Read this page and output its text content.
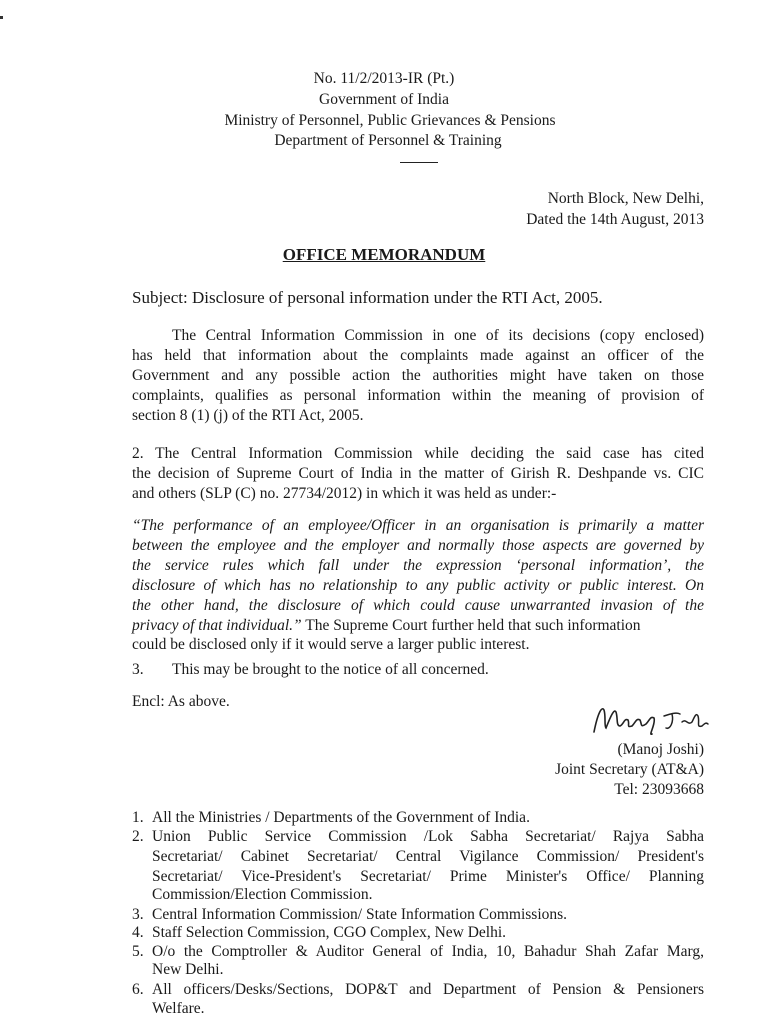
No. 11/2/2013-IR (Pt.)
Government of India
Ministry of Personnel, Public Grievances & Pensions
Department of Personnel & Training
North Block, New Delhi,
Dated the 14th August, 2013
OFFICE MEMORANDUM
Subject: Disclosure of personal information under the RTI Act, 2005.
The Central Information Commission in one of its decisions (copy enclosed)
has held that information about the complaints made against an officer of the
Government and any possible action the authorities might have taken on those
complaints, qualifies as personal information within the meaning of provision of
section 8 (1) (j) of the RTI Act, 2005.
2. The Central Information Commission while deciding the said case has cited
the decision of Supreme Court of India in the matter of Girish R. Deshpande vs. CIC
and others (SLP (C) no. 27734/2012) in which it was held as under:-
“The performance of an employee/Officer in an organisation is primarily a matter
between the employee and the employer and normally those aspects are governed by
the service rules which fall under the expression ‘personal information’, the
disclosure of which has no relationship to any public activity or public interest. On
the other hand, the disclosure of which could cause unwarranted invasion of the
privacy of that individual.” The Supreme Court further held that such information
could be disclosed only if it would serve a larger public interest.
3. This may be brought to the notice of all concerned.
Encl: As above.
(Manoj Joshi)
Joint Secretary (AT&A)
Tel: 23093668
1. All the Ministries / Departments of the Government of India.
2. Union Public Service Commission /Lok Sabha Secretariat/ Rajya Sabha
Secretariat/ Cabinet Secretariat/ Central Vigilance Commission/ President's
Secretariat/ Vice-President's Secretariat/ Prime Minister's Office/ Planning
Commission/Election Commission.
3. Central Information Commission/ State Information Commissions.
4. Staff Selection Commission, CGO Complex, New Delhi.
5. O/o the Comptroller & Auditor General of India, 10, Bahadur Shah Zafar Marg,
New Delhi.
6. All officers/Desks/Sections, DOP&T and Department of Pension & Pensioners
Welfare.
